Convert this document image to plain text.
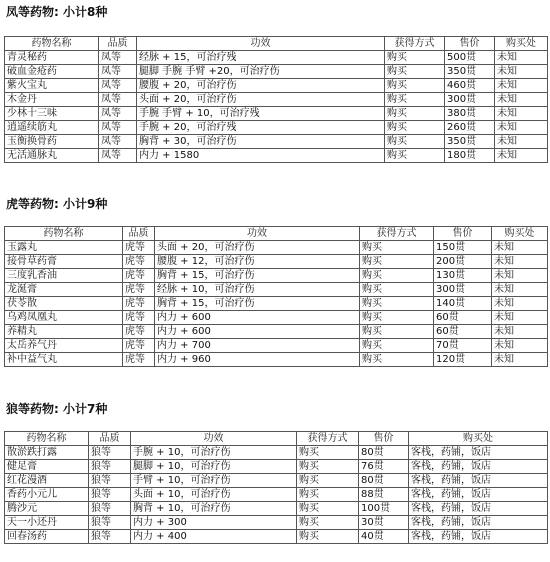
凤等药物: 小计8种
药物名称	品质	功效	获得方式	售价	购买处
青灵秘药	凤等	经脉 + 15，可治疗残	购买	500贯	未知
破血金疮药	凤等	腿脚 手腕 手臂 +20，可治疗伤	购买	350贯	未知
紫火宝丸	凤等	腰腹 + 20，可治疗伤	购买	460贯	未知
木金丹	凤等	头面 + 20，可治疗伤	购买	300贯	未知
少林十三味	凤等	手腕 手臂 + 10，可治疗残	购买	380贯	未知
逍遥续筋丸	凤等	手腕 + 20，可治疗残	购买	260贯	未知
玉衡换骨药	凤等	胸背 + 30，可治疗伤	购买	350贯	未知
无活通脉丸	凤等	内力 + 1580	购买	180贯	未知
虎等药物: 小计9种
药物名称	品质	功效	获得方式	售价	购买处
玉露丸	虎等	头面 + 20，可治疗伤	购买	150贯	未知
接骨草药膏	虎等	腰腹 + 12，可治疗伤	购买	200贯	未知
三度乳香油	虎等	胸背 + 15，可治疗伤	购买	130贯	未知
龙涎膏	虎等	经脉 + 10，可治疗伤	购买	300贯	未知
茯苓散	虎等	胸背 + 15，可治疗伤	购买	140贯	未知
乌鸡凤凰丸	虎等	内力 + 600	购买	60贯	未知
养精丸	虎等	内力 + 600	购买	60贯	未知
太岳养气丹	虎等	内力 + 700	购买	70贯	未知
补中益气丸	虎等	内力 + 960	购买	120贯	未知
狼等药物: 小计7种
药物名称	品质	功效	获得方式	售价	购买处
散淤跌打露	狼等	手腕 + 10，可治疗伤	购买	80贯	客栈，药铺，饭店
健足膏	狼等	腿脚 + 10，可治疗伤	购买	76贯	客栈，药铺，饭店
红花漫酒	狼等	手臂 + 10，可治疗伤	购买	80贯	客栈，药铺，饭店
香药小元儿	狼等	头面 + 10，可治疗伤	购买	88贯	客栈，药铺，饭店
腾沙元	狼等	胸背 + 10，可治疗伤	购买	100贯	客栈，药铺，饭店
天一小还丹	狼等	内力 + 300	购买	30贯	客栈，药铺，饭店
回春汤药	狼等	内力 + 400	购买	40贯	客栈，药铺，饭店
